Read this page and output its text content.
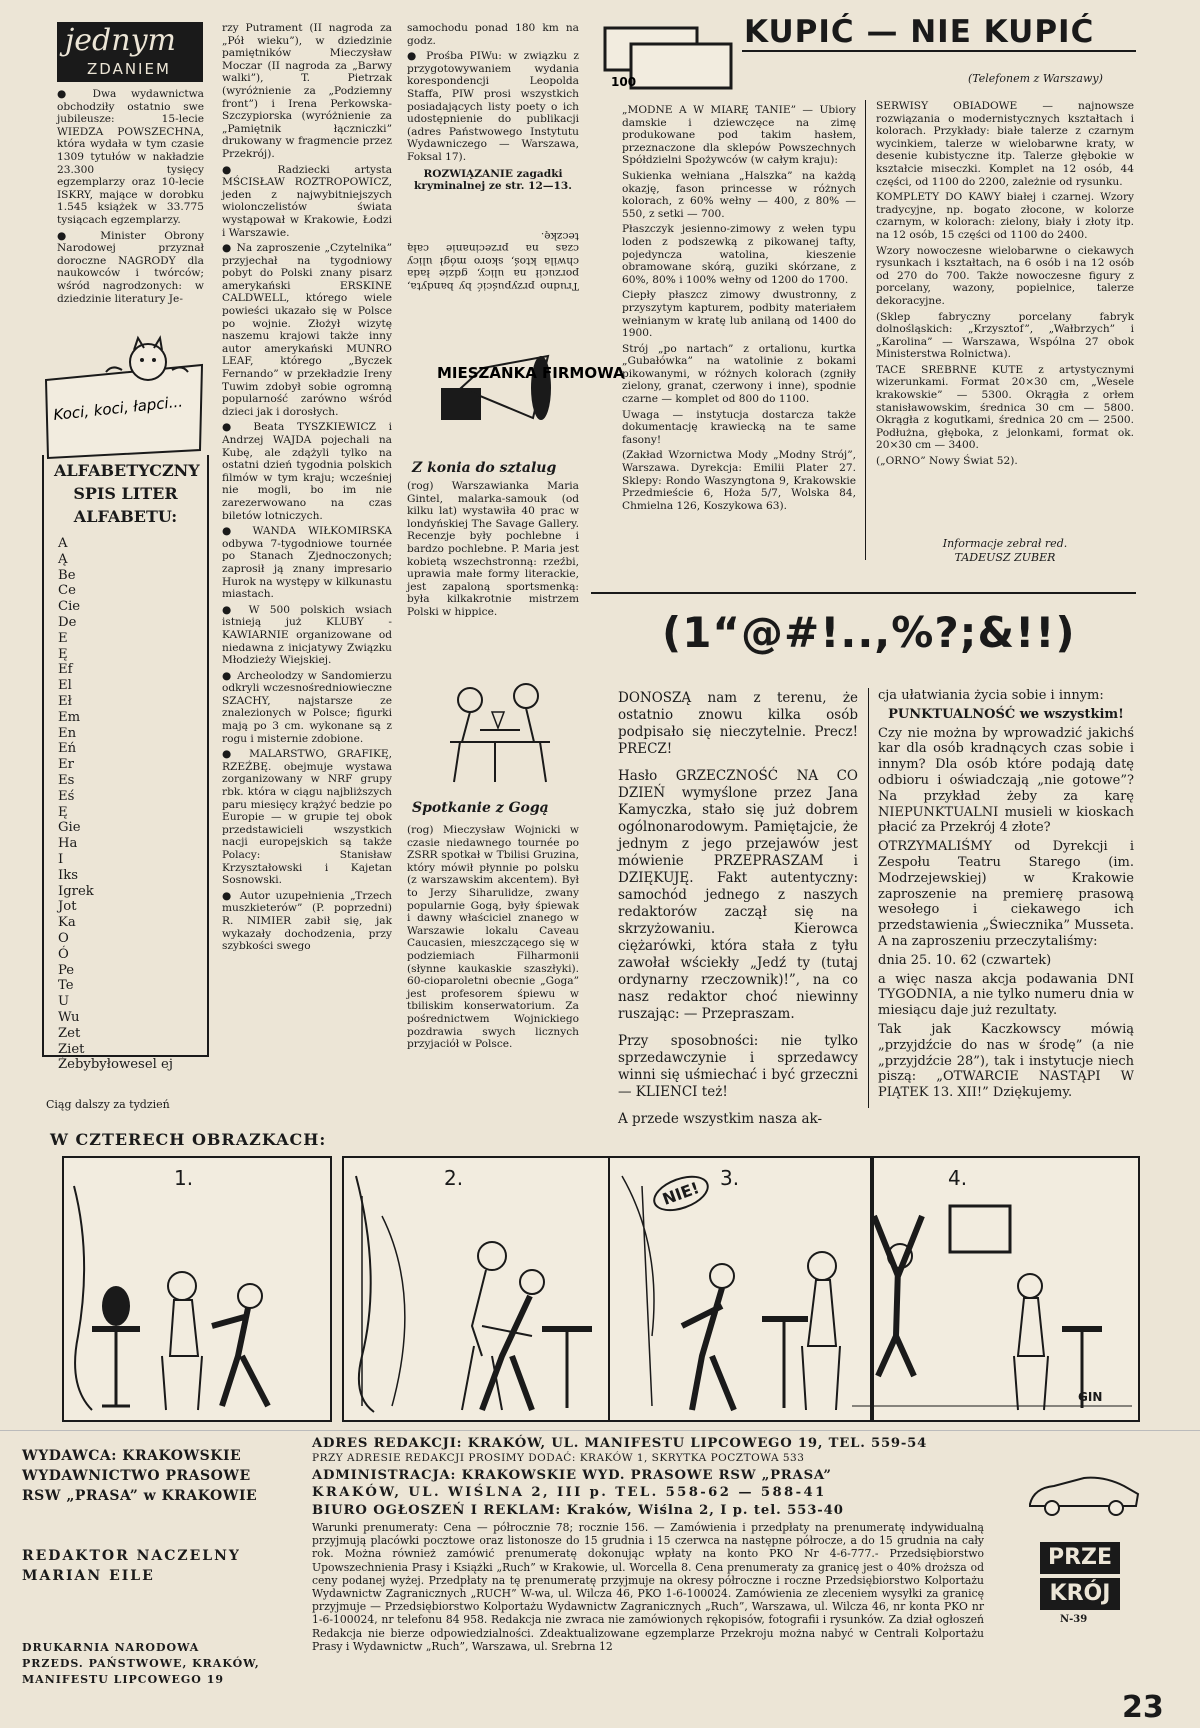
jednym
ZDANIEM

● Dwa wydawnictwa obchodziły ostatnio swe jubileusze: 15-lecie WIEDZA POWSZECHNA, która wydała w tym czasie 1309 tytułów w nakładzie 23.300 tysięcy egzemplarzy oraz 10-lecie ISKRY, mające w dorobku 1.545 książek w 33.775 tysiącach egzemplarzy.

● Minister Obrony Narodowej przyznał doroczne NAGRODY dla naukowców i twórców; wśród nagrodzonych: w dziedzinie literatury Je-

Koci, koci, łapci...
ALFABETYCZNY SPIS LITER ALFABETU:
A
Ą
Be
Ce
Cie
De
E
Ę
Ef
El
Eł
Em
En
Eń
Er
Es
Eś
Ę
Gie
Ha
I
Iks
Igrek
Jot
Ka
O
Ó
Pe
Te
U
Wu
Zet
Ziet
Żebybyłowesel ej
Ciąg dalszy za tydzień

rzy Putrament (II nagroda za „Pół wieku”), w dziedzinie pamiętników Mieczysław Moczar (II nagroda za „Barwy walki”), T. Pietrzak (wyróżnienie za „Podziemny front”) i Irena Perkowska-Szczypiorska (wyróżnienie za „Pamiętnik łączniczki” drukowany w fragmencie przez Przekrój).

● Radziecki artysta MŚCISŁAW ROZTROPOWICZ, jeden z najwybitniejszych wiolonczelistów świata wystąpował w Krakowie, Łodzi i Warszawie.

● Na zaproszenie „Czytelnika” przyjechał na tygodniowy pobyt do Polski znany pisarz amerykański ERSKINE CALDWELL, którego wiele powieści ukazało się w Polsce po wojnie. Złożył wizytę naszemu krajowi także inny autor amerykański MUNRO LEAF, którego „Byczek Fernando” w przekładzie Ireny Tuwim zdobył sobie ogromną popularność zarówno wśród dzieci jak i dorosłych.

● Beata TYSZKIEWICZ i Andrzej WAJDA pojechali na Kubę, ale zdążyli tylko na ostatni dzień tygodnia polskich filmów w tym kraju; wcześniej nie mogli, bo im nie zarezerwowano na czas biletów lotniczych.

● WANDA WIŁKOMIRSKA odbywa 7-tygodniowe tournée po Stanach Zjednoczonych; zaprosił ją znany impresario Hurok na występy w kilkunastu miastach.

● W 500 polskich wsiach istnieją już KLUBY - KAWIARNIE organizowane od niedawna z inicjatywy Związku Młodzieży Wiejskiej.

● Archeolodzy w Sandomierzu odkryli wczesnośredniowieczne SZACHY, najstarsze ze znalezionych w Polsce; figurki mają po 3 cm. wykonane są z rogu i misternie zdobione.

● MALARSTWO, GRAFIKĘ, RZEŹBĘ. obejmuje wystawa zorganizowany w NRF grupy rbk. która w ciągu najbliższych paru miesięcy krążyć bedzie po Europie — w grupie tej obok przedstawicieli wszystkich nacji europejskich są także Polacy: Stanisław Krzyształowski i Kajetan Sosnowski.

● Autor uzupełnienia „Trzech muszkieterów” (P. poprzedni) R. NIMIER zabił się, jak wykazały dochodzenia, przy szybkości swego

samochodu ponad 180 km na godz.

● Prośba PIWu: w związku z przygotowywaniem wydania korespondencji Leopolda Staffa, PIW prosi wszystkich posiadających listy poety o ich udostępnienie do publikacji (adres Państwowego Instytutu Wydawniczego — Warszawa, Foksal 17).

ROZWIĄZANIE zagadki kryminalnej ze str. 12—13.

Trudno przypuścić by bandyta, porzucił na ulicy, gdzie łada chwila ktoś, skoro mógł ulicy czas na przecinanie całą teczkę.

MIESZANKA FIRMOWA
Z konia do sztalug

(rog) Warszawianka Maria Gintel, malarka-samouk (od kilku lat) wystawiła 40 prac w londyńskiej The Savage Gallery. Recenzje były pochlebne i bardzo pochlebne. P. Maria jest kobietą wszechstronną: rzeźbi, uprawia małe formy literackie, jest zapaloną sportsmenką: była kilkakrotnie mistrzem Polski w hippice.

Spotkanie z Gogą

(rog) Mieczysław Wojnicki w czasie niedawnego tournée po ZSRR spotkał w Tbilisi Gruzina, który mówił płynnie po polsku (z warszawskim akcentem). Był to Jerzy Siharulidze, zwany popularnie Gogą, były śpiewak i dawny właściciel znanego w Warszawie lokalu Caveau Caucasien, mieszczącego się w podziemiach Filharmonii (słynne kaukaskie szaszłyki). 60-cioparoletni obecnie „Goga” jest profesorem śpiewu w tbiliskim konserwatorium. Za pośrednictwem Wojnickiego pozdrawia swych licznych przyjaciół w Polsce.

100
KUPIĆ — NIE KUPIĆ
(Telefonem z Warszawy)

„MODNE A W MIARĘ TANIE” — Ubiory damskie i dziewczęce na zimę produkowane pod takim hasłem, przeznaczone dla sklepów Powszechnych Spółdzielni Spożywców (w całym kraju):

Sukienka wełniana „Halszka” na każdą okazję, fason princesse w różnych kolorach, z 60% wełny — 400, z 80% — 550, z setki — 700.

Płaszczyk jesienno-zimowy z wełen typu loden z podszewką z pikowanej tafty, pojedyncza watolina, kieszenie obramowane skórą, guziki skórzane, z 60%, 80% i 100% wełny od 1200 do 1700.

Ciepły płaszcz zimowy dwustronny, z przyszytym kapturem, podbity materiałem wełnianym w kratę lub anilaną od 1400 do 1900.

Strój „po nartach” z ortalionu, kurtka „Gubałówka” na watolinie z bokami pikowanymi, w różnych kolorach (zgniły zielony, granat, czerwony i inne), spodnie czarne — komplet od 800 do 1100.

Uwaga — instytucja dostarcza także dokumentację krawiecką na te same fasony!

(Zakład Wzornictwa Mody „Modny Strój”, Warszawa. Dyrekcja: Emilii Plater 27. Sklepy: Rondo Waszyngtona 9, Krakowskie Przedmieście 6, Hoża 5/7, Wolska 84, Chmielna 126, Koszykowa 63).

SERWISY OBIADOWE — najnowsze rozwiązania o modernistycznych kształtach i kolorach. Przykłady: białe talerze z czarnym wycinkiem, talerze w wielobarwne kraty, w desenie kubistyczne itp. Talerze głębokie w kształcie miseczki. Komplet na 12 osób, 44 części, od 1100 do 2200, zależnie od rysunku.

KOMPLETY DO KAWY białej i czarnej. Wzory tradycyjne, np. bogato złocone, w kolorze czarnym, w kolorach: zielony, biały i złoty itp. na 12 osób, 15 części od 1100 do 2400.

Wzory nowoczesne wielobarwne o ciekawych rysunkach i kształtach, na 6 osób i na 12 osób od 270 do 700. Także nowoczesne figury z porcelany, wazony, popielnice, talerze dekoracyjne.

(Sklep fabryczny porcelany fabryk dolnośląskich: „Krzysztof”, „Wałbrzych” i „Karolina” — Warszawa, Wspólna 27 obok Ministerstwa Rolnictwa).

TACE SREBRNE KUTE z artystycznymi wizerunkami. Format 20×30 cm, „Wesele krakowskie” — 5300. Okrągła z orłem stanisławowskim, średnica 30 cm — 5800. Okrągła z kogutkami, średnica 20 cm — 2500. Podłużna, głęboka, z jelonkami, format ok. 20×30 cm — 3400.

(„ORNO” Nowy Świat 52).

Informacje zebrał red. TADEUSZ ZUBER
(1“@#!..,%?;&!!)

DONOSZĄ nam z terenu, że ostatnio znowu kilka osób podpisało się nieczytelnie. Precz! PRECZ!

Hasło GRZECZNOŚĆ NA CO DZIEŃ wymyślone przez Jana Kamyczka, stało się już dobrem ogólnonarodowym. Pamiętajcie, że jednym z jego przejawów jest mówienie PRZEPRASZAM i DZIĘKUJĘ. Fakt autentyczny: samochód jednego z naszych redaktorów zaczął się na skrzyżowaniu. Kierowca ciężarówki, która stała z tyłu zawołał wściekły „Jedź ty (tutaj ordynarny rzeczownik)!”, na co nasz redaktor choć niewinny ruszając: — Przepraszam.

Przy sposobności: nie tylko sprzedawczynie i sprzedawcy winni się uśmiechać i być grzeczni — KLIENCI też!

A przede wszystkim nasza ak-

cja ułatwiania życia sobie i innym:

PUNKTUALNOŚĆ we wszystkim!

Czy nie można by wprowadzić jakichś kar dla osób kradnących czas sobie i innym? Dla osób które podają datę odbioru i oświadczają „nie gotowe”? Na przykład żeby za karę NIEPUNKTUALNI musieli w kioskach płacić za Przekrój 4 złote?

OTRZYMALIŚMY od Dyrekcji i Zespołu Teatru Starego (im. Modrzejewskiej) w Krakowie zaproszenie na premierę prasową wesołego i ciekawego ich przedstawienia „Świecznika” Musseta. A na zaproszeniu przeczytaliśmy:

dnia 25. 10. 62 (czwartek)

a więc nasza akcja podawania DNI TYGODNIA, a nie tylko numeru dnia w miesiącu daje już rezultaty.

Tak jak Kaczkowscy mówią „przyjdźcie do nas w środę” (a nie „przyjdźcie 28”), tak i instytucje niech piszą: „OTWARCIE NASTĄPI W PIĄTEK 13. XII!” Dziękujemy.

W CZTERECH OBRAZKACH:
1.	2.	3.
NIE!
4.
GIN
WYDAWCA: KRAKOWSKIE WYDAWNICTWO PRASOWE RSW „PRASA” w KRAKOWIE
REDAKTOR NACZELNY MARIAN EILE
DRUKARNIA NARODOWA PRZEDS. PAŃSTWOWE, KRAKÓW, MANIFESTU LIPCOWEGO 19
ADRES REDAKCJI: KRAKÓW, UL. MANIFESTU LIPCOWEGO 19, TEL. 559-54
PRZY ADRESIE REDAKCJI PROSIMY DODAĆ: KRAKÓW 1, SKRYTKA POCZTOWA 533
ADMINISTRACJA: KRAKOWSKIE WYD. PRASOWE RSW „PRASA”
KRAKÓW, UL. WIŚLNA 2, III p. TEL. 558-62 — 588-41
BIURO OGŁOSZEŃ I REKLAM: Kraków, Wiślna 2, I p. tel. 553-40
Warunki prenumeraty: Cena — półrocznie 78; rocznie 156. — Zamówienia i przedpłaty na prenumeratę indywidualną przyjmują placówki pocztowe oraz listonosze do 15 grudnia i 15 czerwca na następne półrocze, a do 15 grudnia na cały rok. Można również zamówić prenumeratę dokonując wpłaty na konto PKO Nr 4-6-777.- Przedsiębiorstwo Upowszechnienia Prasy i Książki „Ruch” w Krakowie, ul. Worcella 8. Cena prenumeraty za granicę jest o 40% droższa od ceny podanej wyżej. Przedpłaty na tę prenumeratę przyjmuje na okresy półroczne i roczne Przedsiębiorstwo Kolportażu Wydawnictw Zagranicznych „RUCH” W-wa, ul. Wilcza 46, PKO 1-6-100024. Zamówienia ze zleceniem wysyłki za granicę przyjmuje — Przedsiębiorstwo Kolportażu Wydawnictw Zagranicznych „Ruch”, Warszawa, ul. Wilcza 46, nr konta PKO nr 1-6-100024, nr telefonu 84 958. Redakcja nie zwraca nie zamówionych rękopisów, fotografii i rysunków. Za dział ogłoszeń Redakcja nie bierze odpowiedzialności. Zdeaktualizowane egzemplarze Przekroju można nabyć w Centrali Kolportażu Prasy i Wydawnictw „Ruch”, Warszawa, ul. Srebrna 12
PRZE
KRÓJ
N-39
23
